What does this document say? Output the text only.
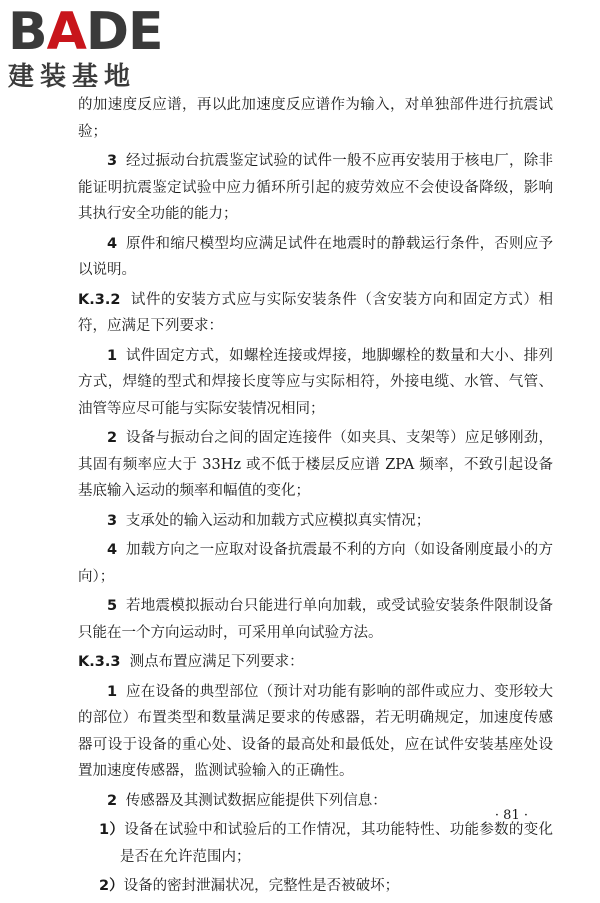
BADE
建装基地

的加速度反应谱，再以此加速度反应谱作为输入，对单独部件进行抗震试验；

3 经过振动台抗震鉴定试验的试件一般不应再安装用于核电厂，除非能证明抗震鉴定试验中应力循环所引起的疲劳效应不会使设备降级，影响其执行安全功能的能力；

4 原件和缩尺模型均应满足试件在地震时的静载运行条件，否则应予以说明。

K.3.2 试件的安装方式应与实际安装条件（含安装方向和固定方式）相符，应满足下列要求：

1 试件固定方式，如螺栓连接或焊接，地脚螺栓的数量和大小、排列方式，焊缝的型式和焊接长度等应与实际相符，外接电缆、水管、气管、油管等应尽可能与实际安装情况相同；

2 设备与振动台之间的固定连接件（如夹具、支架等）应足够刚劲，其固有频率应大于 33Hz 或不低于楼层反应谱 ZPA 频率，不致引起设备基底输入运动的频率和幅值的变化；

3 支承处的输入运动和加载方式应模拟真实情况；

4 加载方向之一应取对设备抗震最不利的方向（如设备刚度最小的方向）；

5 若地震模拟振动台只能进行单向加载，或受试验安装条件限制设备只能在一个方向运动时，可采用单向试验方法。

K.3.3 测点布置应满足下列要求：

1 应在设备的典型部位（预计对功能有影响的部件或应力、变形较大的部位）布置类型和数量满足要求的传感器，若无明确规定，加速度传感器可设于设备的重心处、设备的最高处和最低处，应在试件安装基座处设置加速度传感器，监测试验输入的正确性。

2 传感器及其测试数据应能提供下列信息：

1）设备在试验中和试验后的工作情况，其功能特性、功能参数的变化是否在允许范围内；

2）设备的密封泄漏状况，完整性是否被破坏；

· 81 ·
